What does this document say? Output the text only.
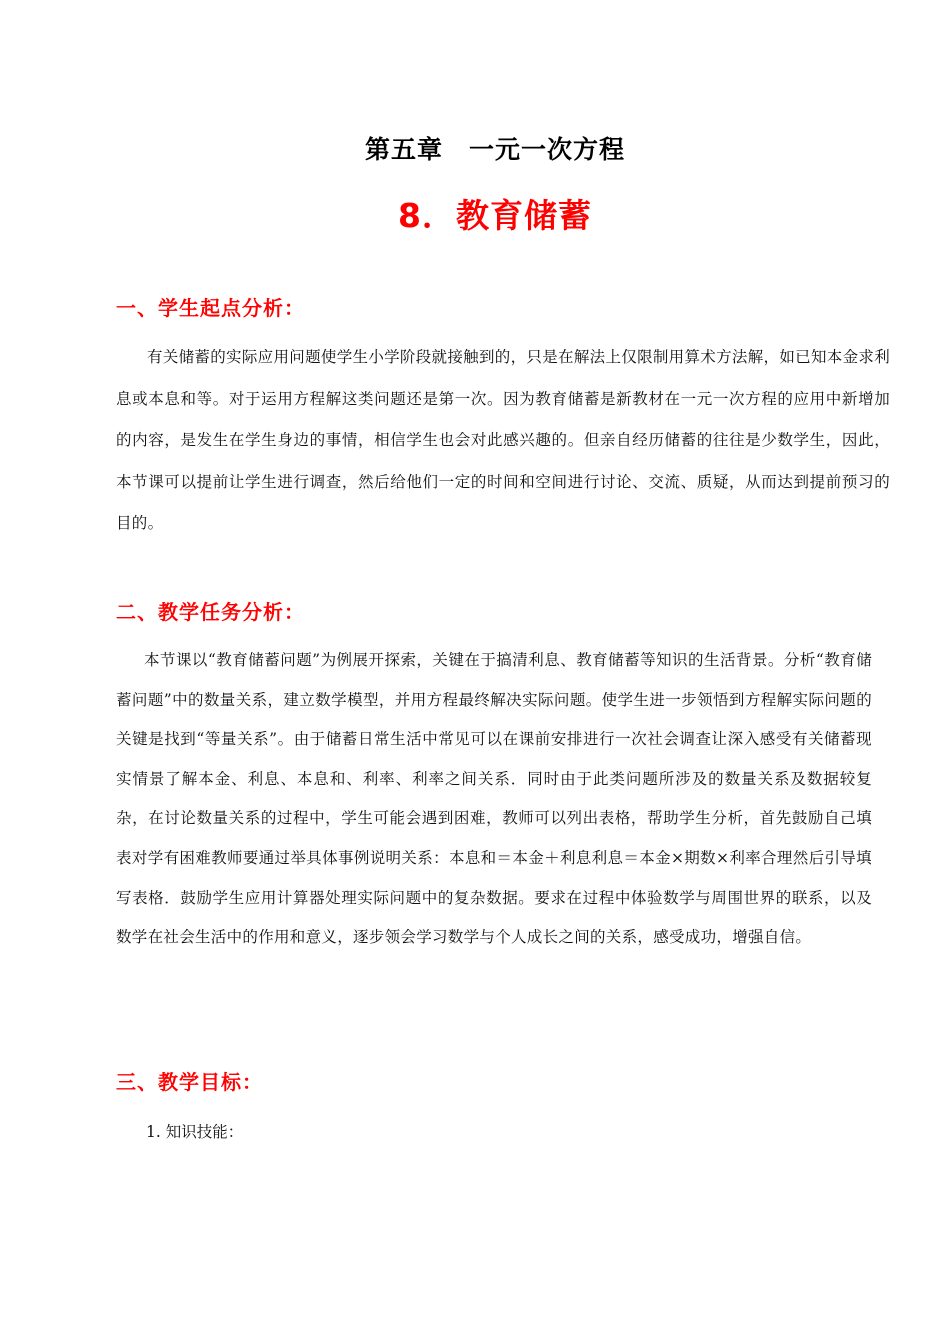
第五章　一元一次方程
8．教育储蓄
一、学生起点分析：
有关储蓄的实际应用问题使学生小学阶段就接触到的，只是在解法上仅限制用算术方法解，如已知本金求利息或本息和等。对于运用方程解这类问题还是第一次。因为教育储蓄是新教材在一元一次方程的应用中新增加的内容，是发生在学生身边的事情，相信学生也会对此感兴趣的。但亲自经历储蓄的往往是少数学生，因此，本节课可以提前让学生进行调查，然后给他们一定的时间和空间进行讨论、交流、质疑，从而达到提前预习的目的。
二、教学任务分析：
本节课以“教育储蓄问题”为例展开探索，关键在于搞清利息、教育储蓄等知识的生活背景。分析“教育储蓄问题”中的数量关系，建立数学模型，并用方程最终解决实际问题。使学生进一步领悟到方程解实际问题的关键是找到“等量关系”。由于储蓄日常生活中常见可以在课前安排进行一次社会调查让深入感受有关储蓄现实情景了解本金、利息、本息和、利率、利率之间关系．同时由于此类问题所涉及的数量关系及数据较复杂，在讨论数量关系的过程中，学生可能会遇到困难，教师可以列出表格，帮助学生分析，首先鼓励自己填表对学有困难教师要通过举具体事例说明关系：本息和＝本金＋利息利息＝本金×期数×利率合理然后引导填写表格．鼓励学生应用计算器处理实际问题中的复杂数据。要求在过程中体验数学与周围世界的联系，以及数学在社会生活中的作用和意义，逐步领会学习数学与个人成长之间的关系，感受成功，增强自信。
三、教学目标：
1. 知识技能：
